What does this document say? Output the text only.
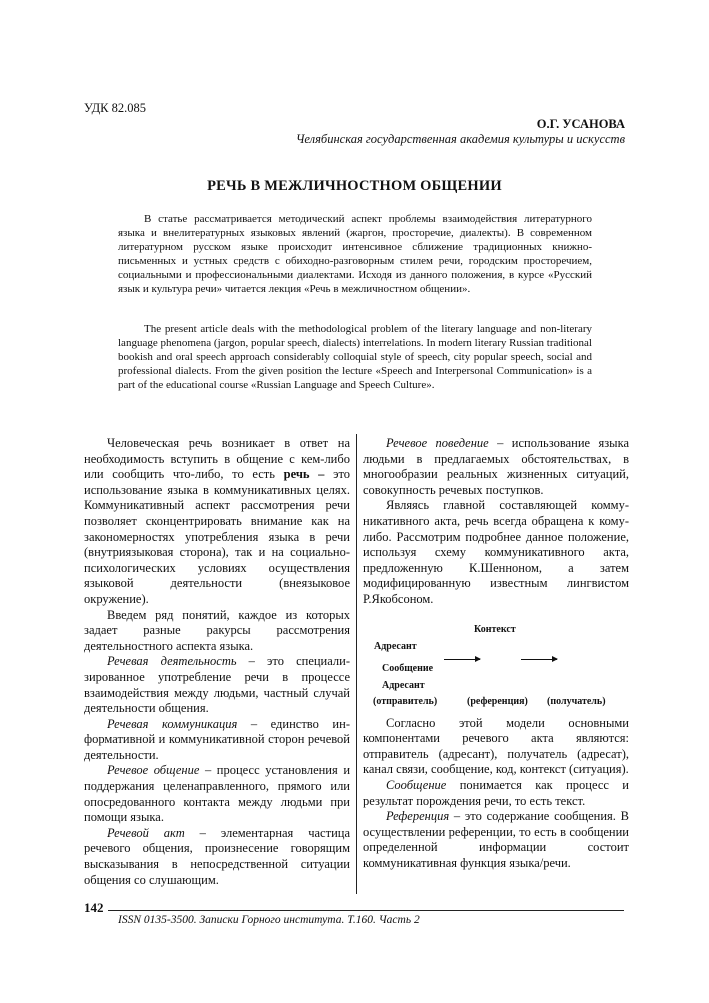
УДК 82.085
О.Г. УСАНОВА
Челябинская государственная академия культуры и искусств
РЕЧЬ В МЕЖЛИЧНОСТНОМ ОБЩЕНИИ
В статье рассматривается методический аспект проблемы взаимодействия литературного языка и внелитературных языковых явлений (жаргон, просторечие, диалекты). В современном литературном русском языке происходит интенсивное сближение традиционных книжно-письменных и устных средств с обиходно-разговорным стилем речи, городским просторечием, социальными и профессиональными диалектами. Исходя из данного положения, в курсе «Русский язык и культура речи» читается лекция «Речь в межличностном общении».
The present article deals with the methodological problem of the literary language and non-literary language phenomena (jargon, popular speech, dialects) interrelations. In modern literary Russian traditional bookish and oral speech approach considerably colloquial style of speech, city popular speech, social and professional dialects. From the given position the lecture «Speech and Interpersonal Communication» is a part of the educational course «Russian Language and Speech Culture».

Человеческая речь возникает в ответ на необходимость вступить в общение с кем-либо или сообщить что-либо, то есть речь – это использование языка в коммуникативных целях. Коммуникативный аспект рассмотрения речи позволяет сконцентрировать внимание как на закономерностях употребления языка в речи (внутриязыковая сторона), так и на социально-психологических условиях осуществления языковой деятельности (внеязыковое окружение).

Введем ряд понятий, каждое из которых задает разные ракурсы рассмотрения деятельностного аспекта языка.

Речевая деятельность – это специализированное употребление речи в процессе взаимодействия между людьми, частный случай деятельности общения.

Речевая коммуникация – единство информативной и коммуникативной сторон речевой деятельности.

Речевое общение – процесс установления и поддержания целенаправленного, прямого или опосредованного контакта между людьми при помощи языка.

Речевой акт – элементарная частица речевого общения, произнесение говорящим высказывания в непосредственной ситуации общения со слушающим.

Речевое поведение – использование языка людьми в предлагаемых обстоятельствах, в многообразии реальных жизненных ситуаций, совокупность речевых поступков.

Являясь главной составляющей коммуникативного акта, речь всегда обращена к кому-либо. Рассмотрим подробнее данное положение, используя схему коммуникативного акта, предложенную К.Шенноном, а затем модифицированную известным лингвистом Р.Якобсоном.

Согласно этой модели основными компонентами речевого акта являются: отправитель (адресант), получатель (адресат), канал связи, сообщение, код, контекст (ситуация).

Сообщение понимается как процесс и результат порождения речи, то есть текст.

Референция – это содержание сообщения. В осуществлении референции, то есть в сообщении определенной информации состоит коммуникативная функция языка/речи.

Контекст
Адресант
Сообщение
Адресант
(отправитель)	(референция) (получатель)
142
ISSN 0135-3500. Записки Горного института. Т.160. Часть 2
